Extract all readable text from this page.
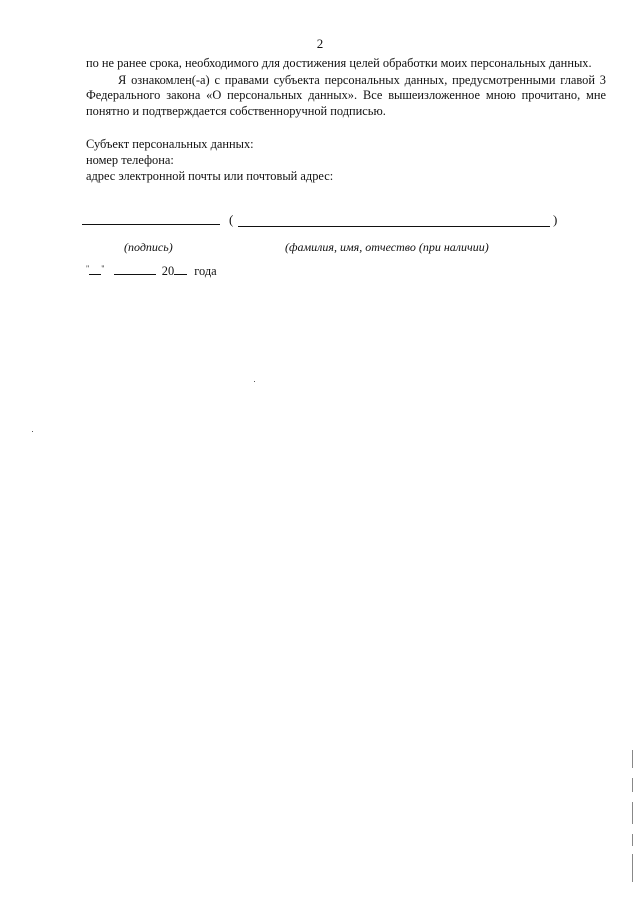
2

по не ранее срока, необходимого для достижения целей обработки моих персональных данных.

Я ознакомлен(-а) с правами субъекта персональных данных, предусмотренными главой 3 Федерального закона «О персональных данных». Все вышеизложенное мною прочитано, мне понятно и подтверждается собственноручной подписью.

Субъект персональных данных:
номер телефона:
адрес электронной почты или почтовый адрес:
(	)
(подпись)	(фамилия, имя, отчество (при наличии)
" "	20 года
